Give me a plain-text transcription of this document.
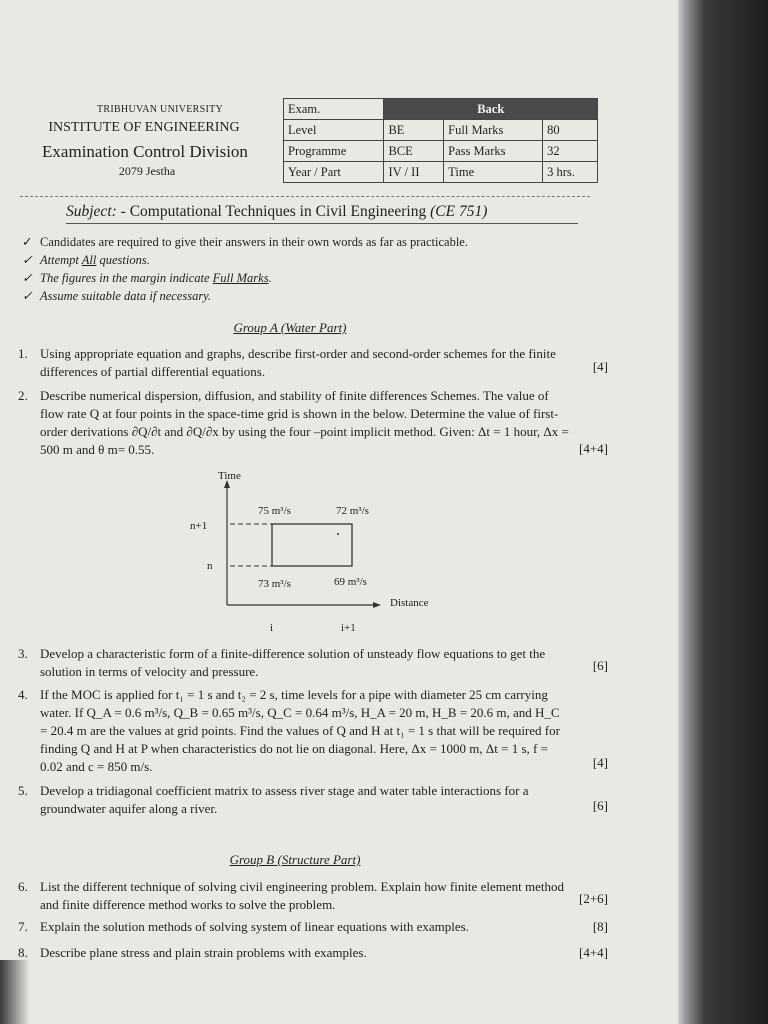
TRIBHUVAN UNIVERSITY
INSTITUTE OF ENGINEERING
Examination Control Division
2079 Jestha
Exam.	Back		
Level	BE	Full Marks	80
Programme	BCE	Pass Marks	32
Year / Part	IV / II	Time	3 hrs.
Subject: - Computational Techniques in Civil Engineering (CE 751)
✓ Candidates are required to give their answers in their own words as far as practicable.
✓ Attempt All questions.
✓ The figures in the margin indicate Full Marks.
✓ Assume suitable data if necessary.
Group A (Water Part)
1. Using appropriate equation and graphs, describe first-order and second-order schemes for the finite differences of partial differential equations.	[4]
2. Describe numerical dispersion, diffusion, and stability of finite differences Schemes. The value of flow rate Q at four points in the space-time grid is shown in the below. Determine the value of first-order derivations ∂Q/∂t and ∂Q/∂x by using the four –point implicit method. Given: Δt = 1 hour, Δx = 500 m and θ m= 0.55.	[4+4]
Time
75 m³/s	72 m³/s
n+1
n
73 m³/s	69 m³/s
Distance
i	i+1
3. Develop a characteristic form of a finite-difference solution of unsteady flow equations to get the solution in terms of velocity and pressure.	[6]
4. If the MOC is applied for t₁ = 1 s and t₂ = 2 s, time levels for a pipe with diameter 25 cm carrying water. If Q_A = 0.6 m³/s, Q_B = 0.65 m³/s, Q_C = 0.64 m³/s, H_A = 20 m, H_B = 20.6 m, and H_C = 20.4 m are the values at grid points. Find the values of Q and H at t₁ = 1 s that will be required for finding Q and H at P when characteristics do not lie on diagonal. Here, Δx = 1000 m, Δt = 1 s, f = 0.02 and c = 850 m/s.	[4]
5. Develop a tridiagonal coefficient matrix to assess river stage and water table interactions for a groundwater aquifer along a river.	[6]
Group B (Structure Part)
6. List the different technique of solving civil engineering problem. Explain how finite element method and finite difference method works to solve the problem.	[2+6]
7. Explain the solution methods of solving system of linear equations with examples.	[8]
8. Describe plane stress and plain strain problems with examples.	[4+4]
